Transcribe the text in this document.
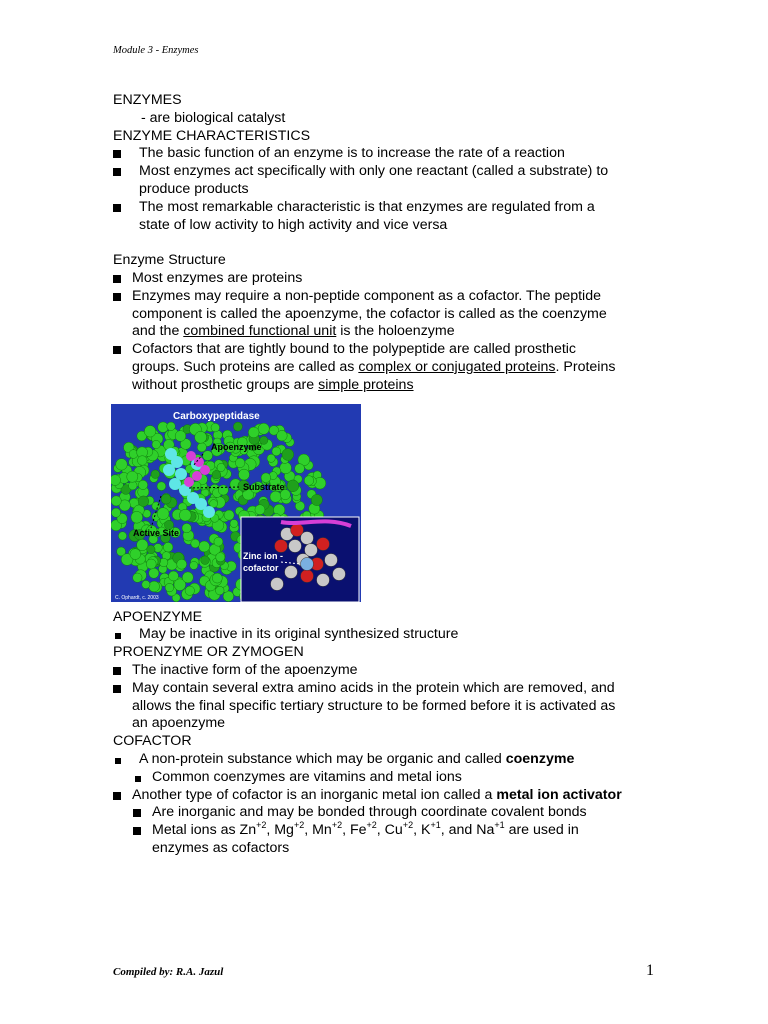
Module 3 - Enzymes
ENZYMES
- are biological catalyst
ENZYME CHARACTERISTICS
The basic function of an enzyme is to increase the rate of a reaction
Most enzymes act specifically with only one reactant (called a substrate) to
produce products
The most remarkable characteristic is that enzymes are regulated from a
state of low activity to high activity and vice versa
Enzyme Structure
Most enzymes are proteins
Enzymes may require a non-peptide component as a cofactor. The peptide
component is called the apoenzyme, the cofactor is called as the coenzyme
and the combined functional unit is the holoenzyme
Cofactors that are tightly bound to the polypeptide are called prosthetic
groups. Such proteins are called as complex or conjugated proteins. Proteins
without prosthetic groups are simple proteins
Carboxypeptidase
Apoenzyme
Substrate
Active Site
Zinc ion -
cofactor
C. Ophardt, c. 2003
APOENZYME
May be inactive in its original synthesized structure
PROENZYME OR ZYMOGEN
The inactive form of the apoenzyme
May contain several extra amino acids in the protein which are removed, and
allows the final specific tertiary structure to be formed before it is activated as
an apoenzyme
COFACTOR
A non-protein substance which may be organic and called coenzyme
Common coenzymes are vitamins and metal ions
Another type of cofactor is an inorganic metal ion called a metal ion activator
Are inorganic and may be bonded through coordinate covalent bonds
Metal ions as $Zn^{+2}$, $Mg^{+2}$, $Mn^{+2}$, $Fe^{+2}$, $Cu^{+2}$, $K^{+1}$, and $Na^{+1}$ are used in
enzymes as cofactors
Compiled by: R.A. Jazul	1
